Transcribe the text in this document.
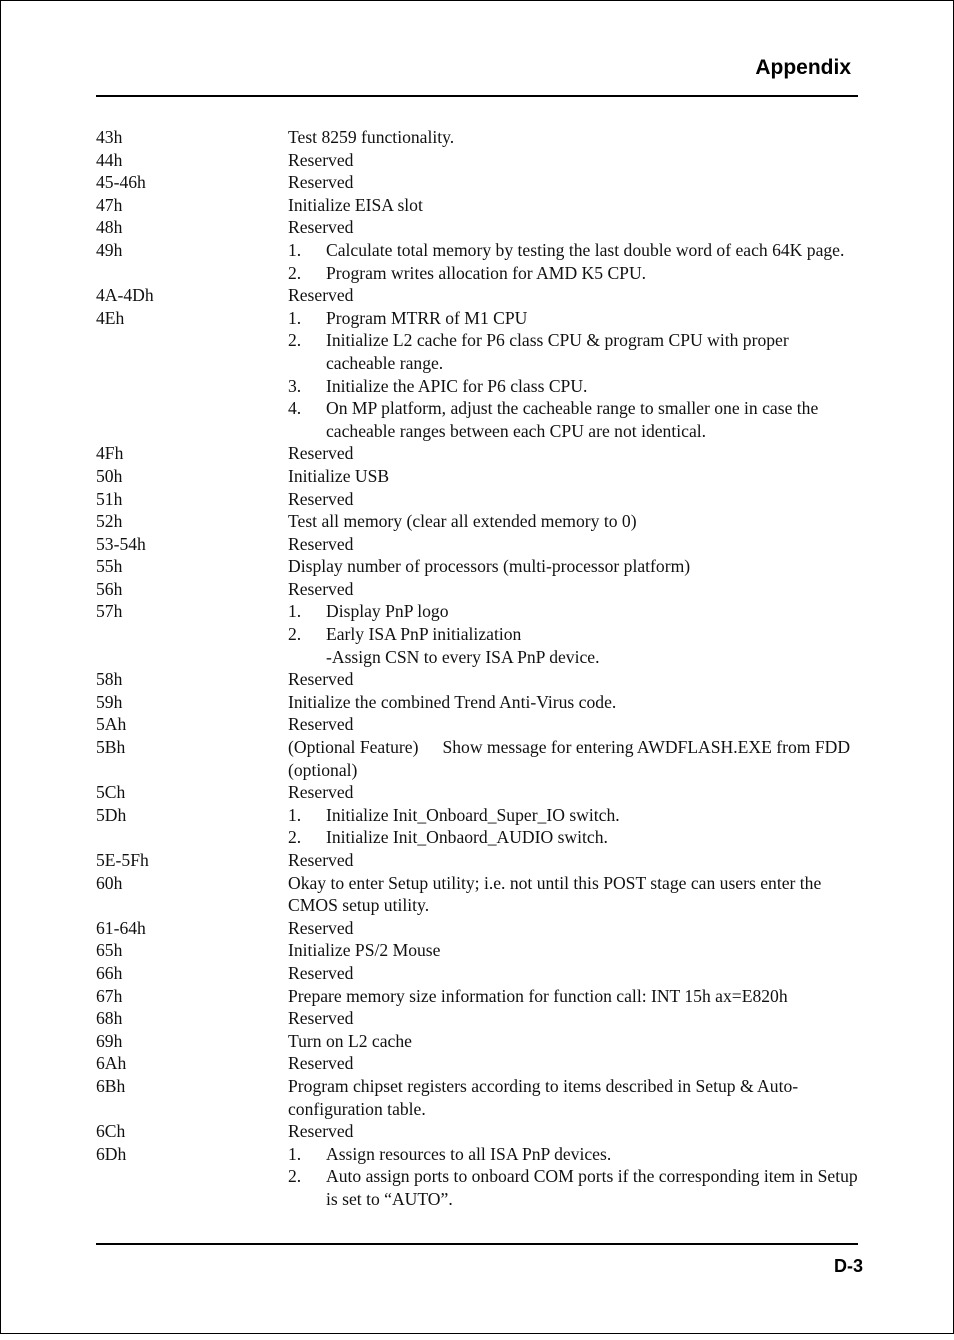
Appendix
43h	Test 8259 functionality.
44h	Reserved
45-46h	Reserved
47h	Initialize EISA slot
48h	Reserved
49h	1.	Calculate total memory by testing the last double word of each 64K page.
2.	Program writes allocation for AMD K5 CPU.
4A-4Dh	Reserved
4Eh	1.	Program MTRR of M1 CPU
2.	Initialize L2 cache for P6 class CPU & program CPU with proper cacheable range.
3.	Initialize the APIC for P6 class CPU.
4.	On MP platform, adjust the cacheable range to smaller one in case the cacheable ranges between each CPU are not identical.
4Fh	Reserved
50h	Initialize USB
51h	Reserved
52h	Test all memory (clear all extended memory to 0)
53-54h	Reserved
55h	Display number of processors (multi-processor platform)
56h	Reserved
57h	1.	Display PnP logo
2.	Early ISA PnP initialization
-Assign CSN to every ISA PnP device.
58h	Reserved
59h	Initialize the combined Trend Anti-Virus code.
5Ah	Reserved
5Bh	(Optional Feature) Show message for entering AWDFLASH.EXE from FDD (optional)
5Ch	Reserved
5Dh	1.	Initialize Init_Onboard_Super_IO switch.
2.	Initialize Init_Onbaord_AUDIO switch.
5E-5Fh	Reserved
60h	Okay to enter Setup utility; i.e. not until this POST stage can users enter the CMOS setup utility.
61-64h	Reserved
65h	Initialize PS/2 Mouse
66h	Reserved
67h	Prepare memory size information for function call: INT 15h ax=E820h
68h	Reserved
69h	Turn on L2 cache
6Ah	Reserved
6Bh	Program chipset registers according to items described in Setup & Auto-configuration table.
6Ch	Reserved
6Dh	1.	Assign resources to all ISA PnP devices.
2.	Auto assign ports to onboard COM ports if the corresponding item in Setup is set to “AUTO”.
D-3
